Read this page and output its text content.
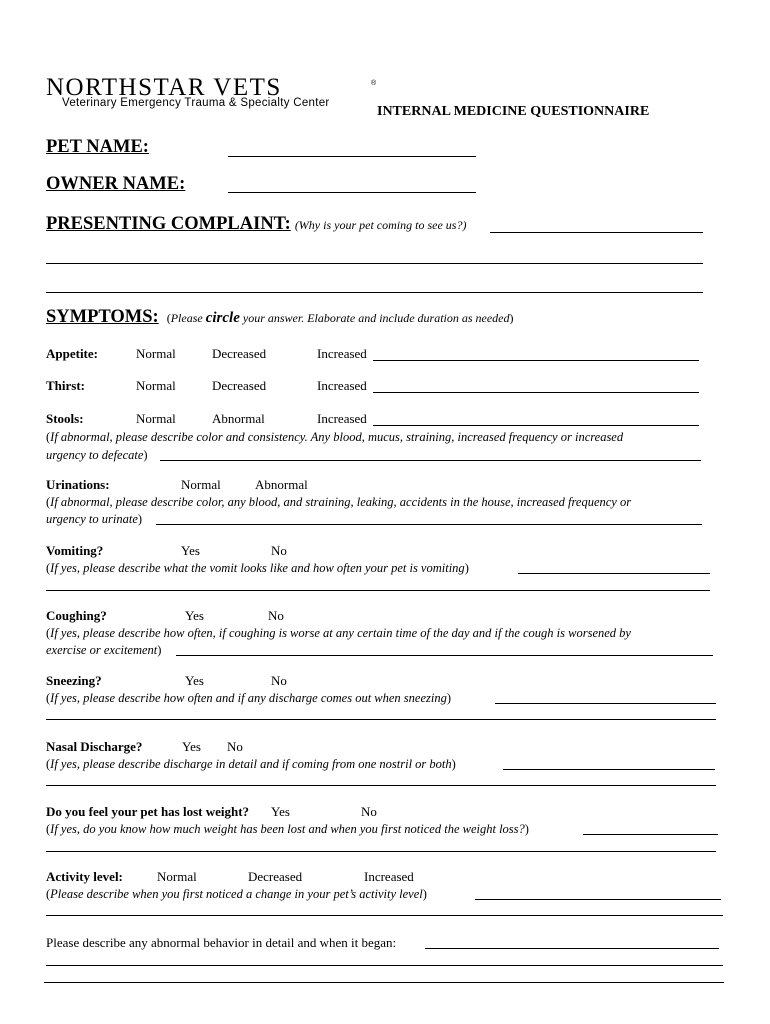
NORTHSTAR VETS	®
Veterinary Emergency Trauma & Specialty Center
INTERNAL MEDICINE QUESTIONNAIRE
PET NAME:
OWNER NAME:
PRESENTING COMPLAINT: (Why is your pet coming to see us?)
SYMPTOMS: (Please circle your answer. Elaborate and include duration as needed)
Appetite:	Normal	Decreased	Increased
Thirst:	Normal	Decreased	Increased
Stools:	Normal	Abnormal	Increased
(If abnormal, please describe color and consistency. Any blood, mucus, straining, increased frequency or increased
urgency to defecate)
Urinations:	Normal	Abnormal
(If abnormal, please describe color, any blood, and straining, leaking, accidents in the house, increased frequency or
urgency to urinate)
Vomiting?	Yes	No
(If yes, please describe what the vomit looks like and how often your pet is vomiting)
Coughing?	Yes	No
(If yes, please describe how often, if coughing is worse at any certain time of the day and if the cough is worsened by
exercise or excitement)
Sneezing?	Yes	No
(If yes, please describe how often and if any discharge comes out when sneezing)
Nasal Discharge?	Yes No
(If yes, please describe discharge in detail and if coming from one nostril or both)
Do you feel your pet has lost weight? Yes	No
(If yes, do you know how much weight has been lost and when you first noticed the weight loss?)
Activity level:	Normal	Decreased	Increased
(Please describe when you first noticed a change in your pet’s activity level)
Please describe any abnormal behavior in detail and when it began:
